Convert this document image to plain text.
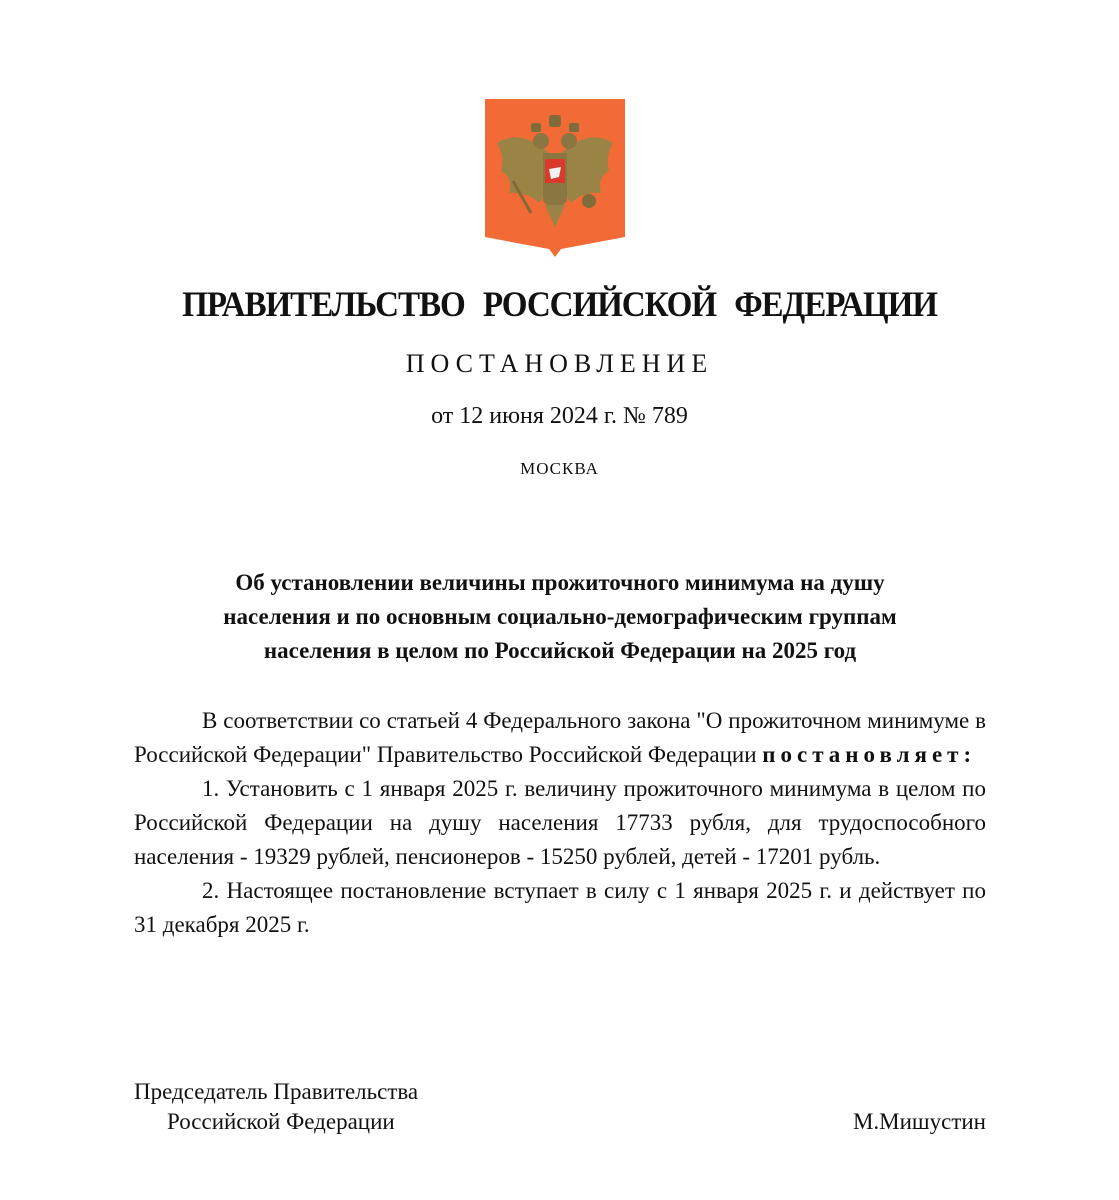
ПРАВИТЕЛЬСТВО РОССИЙСКОЙ ФЕДЕРАЦИИ
ПОСТАНОВЛЕНИЕ
от 12 июня 2024 г. № 789
МОСКВА
Об установлении величины прожиточного минимума на душу
населения и по основным социально-демографическим группам
населения в целом по Российской Федерации на 2025 год

В соответствии со статьей 4 Федерального закона "О прожиточном минимуме в Российской Федерации" Правительство Российской Федерации постановляет:

1. Установить с 1 января 2025 г. величину прожиточного минимума в целом по Российской Федерации на душу населения 17733 рубля, для трудоспособного населения - 19329 рублей, пенсионеров - 15250 рублей, детей - 17201 рубль.

2. Настоящее постановление вступает в силу с 1 января 2025 г. и действует по 31 декабря 2025 г.

Председатель Правительства
Российской Федерации	М.Мишустин
